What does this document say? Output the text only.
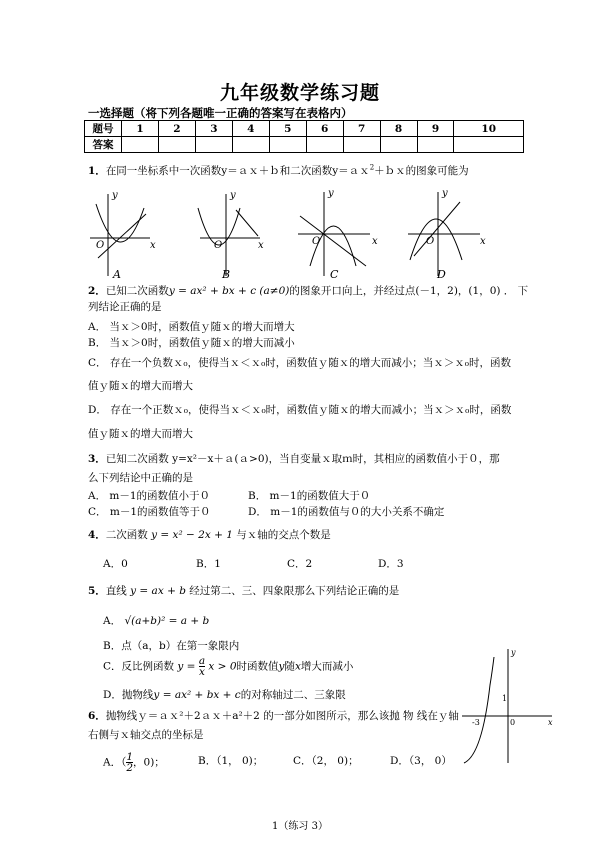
九年级数学练习题
一选择题（将下列各题唯一正确的答案写在表格内）
题号	1	2	3	4	5	6	7	8	9	10
答案										
1．在同一坐标系中一次函数y＝ａｘ＋ｂ和二次函数y＝ａｘ$^2$＋ｂｘ的图象可能为
y
x
O
y
x
O
y
x
O
y
x
O
A	B	C	D
2．已知二次函数y = ax² + bx + c (a≠0)的图象开口向上，并经过点(－1，2)，(1，0) ． 下
列结论正确的是
A． 当ｘ＞0时，函数值ｙ随ｘ的增大而增大
B． 当ｘ＞0时，函数值ｙ随ｘ的增大而减小
C． 存在一个负数ｘ₀，使得当ｘ＜ｘ₀时，函数值ｙ随ｘ的增大而减小；当ｘ＞ｘ₀时，函数
值ｙ随ｘ的增大而增大
D． 存在一个正数ｘ₀，使得当ｘ＜ｘ₀时，函数值ｙ随ｘ的增大而减小；当ｘ＞ｘ₀时，函数
值ｙ随ｘ的增大而增大
3．已知二次函数 y=x²－x＋ａ(ａ>0)，当自变量ｘ取ｍ时，其相应的函数值小于０，那
么下列结论中正确的是
A． m－1的函数值小于０	B． m－1的函数值大于０
C． m－1的函数值等于０	D． m－1的函数值与０的大小关系不确定
4．二次函数 y = x² − 2x + 1 与ｘ轴的交点个数是
A．0	B．1	C．2	D．3
5．直线 y = ax + b 经过第二、三、四象限那么下列结论正确的是
A． √(a+b)² = a + b
B．点（a，b）在第一象限内
C．反比例函数 $y = \frac{a}{x}$ x > 0时函数值y随x增大而减小
D．抛物线y = ax² + bx + c的对称轴过二、三象限
y
x
0
-3
1
6．抛物线ｙ＝ａｘ²＋2ａｘ＋a²＋2 的一部分如图所示，那么该抛 物 线在ｙ轴
右侧与ｘ轴交点的坐标是
A．（ $\frac{1}{2}$ ，0)；	B．（1， 0)；	C．（2， 0)；	D．（3， 0）
1（练习 3）
